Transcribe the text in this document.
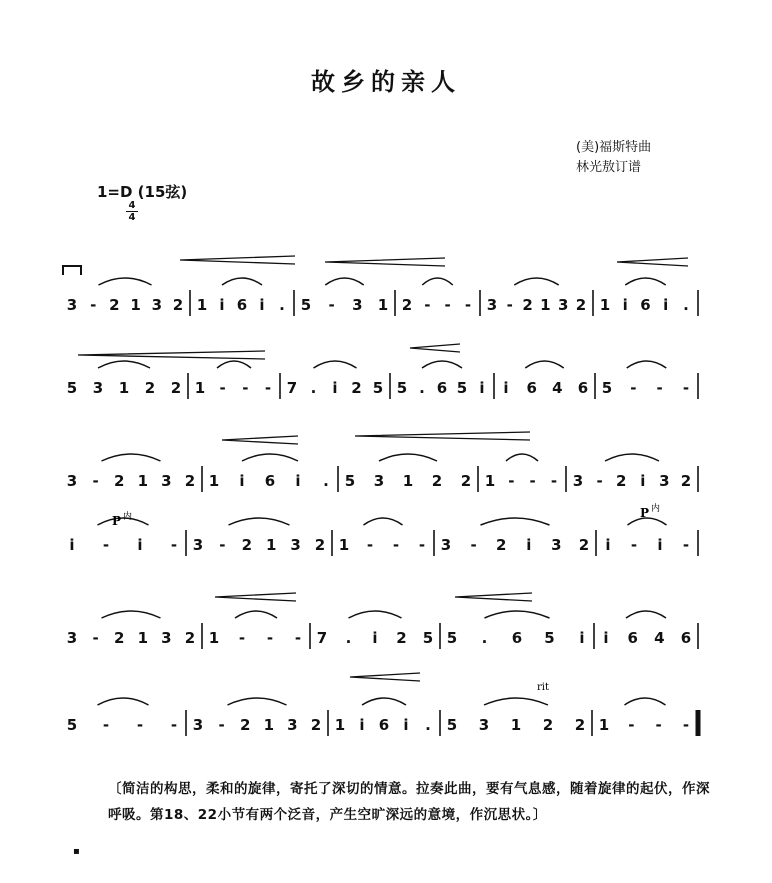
故乡的亲人
(美)福斯特曲
林光敖订谱
1=D (15弦)
4
4
3 - 2 1 3 2 1 i 6 i . 5 - 3 1 2 - - - 3 - 2 1 3 2 1 i 6 i .
5 3 1 2 2 1 - - - 7 . i 2 5 5 . 6 5 i i 6 4 6 5 - - -
3 - 2 1 3 2 1 i 6 i . 5 3 1 2 2 1 - - - 3 - 2 i 3 2
i - i - 3 - 2 1 3 2 1 - - - 3 - 2 i 3 2 i - i -
3 - 2 1 3 2 1 - - - 7 . i 2 5 5 . 6 5 i i 6 4 6
5 - - - 3 - 2 1 3 2 1 i 6 i . 5 3 1 2 2 1 - - -
P 内	P 内
rit
〔简洁的构思，柔和的旋律，寄托了深切的情意。拉奏此曲，要有气息感，随着旋律的起伏，作深呼吸。第18、22小节有两个泛音，产生空旷深远的意境，作沉思状。〕
▪
